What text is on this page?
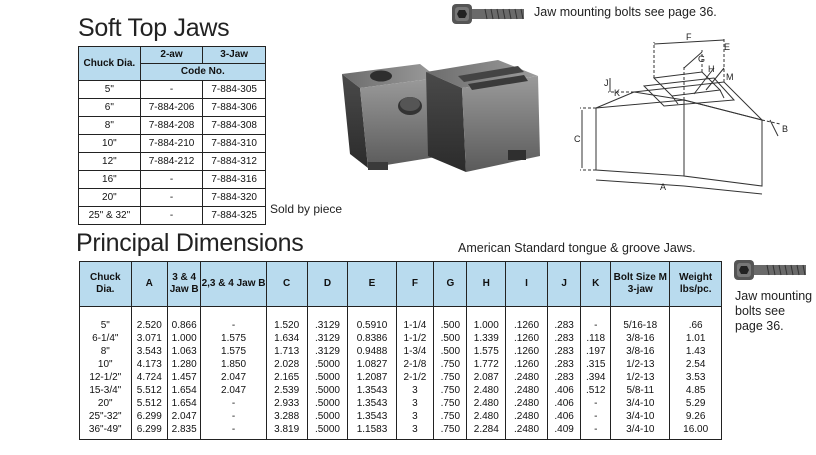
Soft Top Jaws
Chuck Dia.	2-aw	3-Jaw
	Code No.	
5"	-	7-884-305
6"	7-884-206	7-884-306
8"	7-884-208	7-884-308
10"	7-884-210	7-884-310
12"	7-884-212	7-884-312
16"	-	7-884-316
20"	-	7-884-320
25" & 32"	-	7-884-325 Sold by piece
Jaw mounting bolts see page 36.
F
E
G
H
M
J
K
C
B
A
Principal Dimensions	American Standard tongue & groove Jaws.
Chuck Dia.	A	3 & 4 Jaw B	2,3 & 4 Jaw B	C	D	E	F	G	H	I	J	K	Bolt Size M 3-jaw	Weight lbs/pc.
5"	2.520	0.866	-	1.520	.3129	0.5910	1-1/4	.500	1.000	.1260	.283	-	5/16-18	.66
6-1/4"	3.071	1.000	1.575	1.634	.3129	0.8386	1-1/2	.500	1.339	.1260	.283	.118	3/8-16	1.01
8"	3.543	1.063	1.575	1.713	.3129	0.9488	1-3/4	.500	1.575	.1260	.283	.197	3/8-16	1.43
10"	4.173	1.280	1.850	2.028	.5000	1.0827	2-1/8	.750	1.772	.1260	.283	.315	1/2-13	2.54
12-1/2"	4.724	1.457	2.047	2.165	.5000	1.2087	2-1/2	.750	2.087	.2480	.283	.394	1/2-13	3.53
15-3/4"	5.512	1.654	2.047	2.539	.5000	1.3543	3	.750	2.480	.2480	.406	.512	5/8-11	4.85
20"	5.512	1.654	-	2.933	.5000	1.3543	3	.750	2.480	.2480	.406	-	3/4-10	5.29
25"-32"	6.299	2.047	-	3.288	.5000	1.3543	3	.750	2.480	.2480	.406	-	3/4-10	9.26
36"-49"	6.299	2.835	-	3.819	.5000	1.1583	3	.750	2.284	.2480	.409	-	3/4-10	16.00
Jaw mounting bolts see page 36.
